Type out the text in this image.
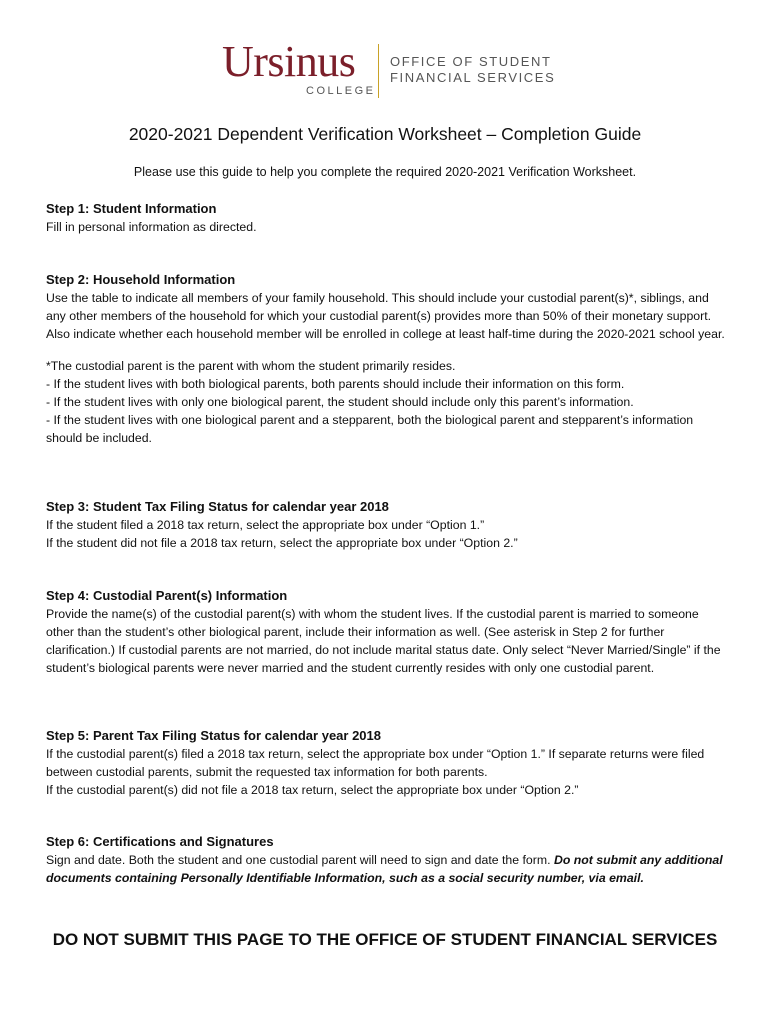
Ursinus
COLLEGE
OFFICE OF STUDENT
FINANCIAL SERVICES
2020-2021 Dependent Verification Worksheet – Completion Guide
Please use this guide to help you complete the required 2020-2021 Verification Worksheet.
Step 1: Student Information

Fill in personal information as directed.

Step 2: Household Information

Use the table to indicate all members of your family household. This should include your custodial parent(s)*, siblings, and any other members of the household for which your custodial parent(s) provides more than 50% of their monetary support. Also indicate whether each household member will be enrolled in college at least half-time during the 2020-2021 school year.

*The custodial parent is the parent with whom the student primarily resides.

- If the student lives with both biological parents, both parents should include their information on this form.

- If the student lives with only one biological parent, the student should include only this parent’s information.

- If the student lives with one biological parent and a stepparent, both the biological parent and stepparent’s information should be included.

Step 3: Student Tax Filing Status for calendar year 2018

If the student filed a 2018 tax return, select the appropriate box under “Option 1.”

If the student did not file a 2018 tax return, select the appropriate box under “Option 2.”

Step 4: Custodial Parent(s) Information

Provide the name(s) of the custodial parent(s) with whom the student lives. If the custodial parent is married to someone other than the student’s other biological parent, include their information as well. (See asterisk in Step 2 for further clarification.) If custodial parents are not married, do not include marital status date. Only select “Never Married/Single” if the student’s biological parents were never married and the student currently resides with only one custodial parent.

Step 5: Parent Tax Filing Status for calendar year 2018

If the custodial parent(s) filed a 2018 tax return, select the appropriate box under “Option 1.” If separate returns were filed between custodial parents, submit the requested tax information for both parents.

If the custodial parent(s) did not file a 2018 tax return, select the appropriate box under “Option 2.”

Step 6: Certifications and Signatures

Sign and date. Both the student and one custodial parent will need to sign and date the form. Do not submit any additional documents containing Personally Identifiable Information, such as a social security number, via email.

DO NOT SUBMIT THIS PAGE TO THE OFFICE OF STUDENT FINANCIAL SERVICES
